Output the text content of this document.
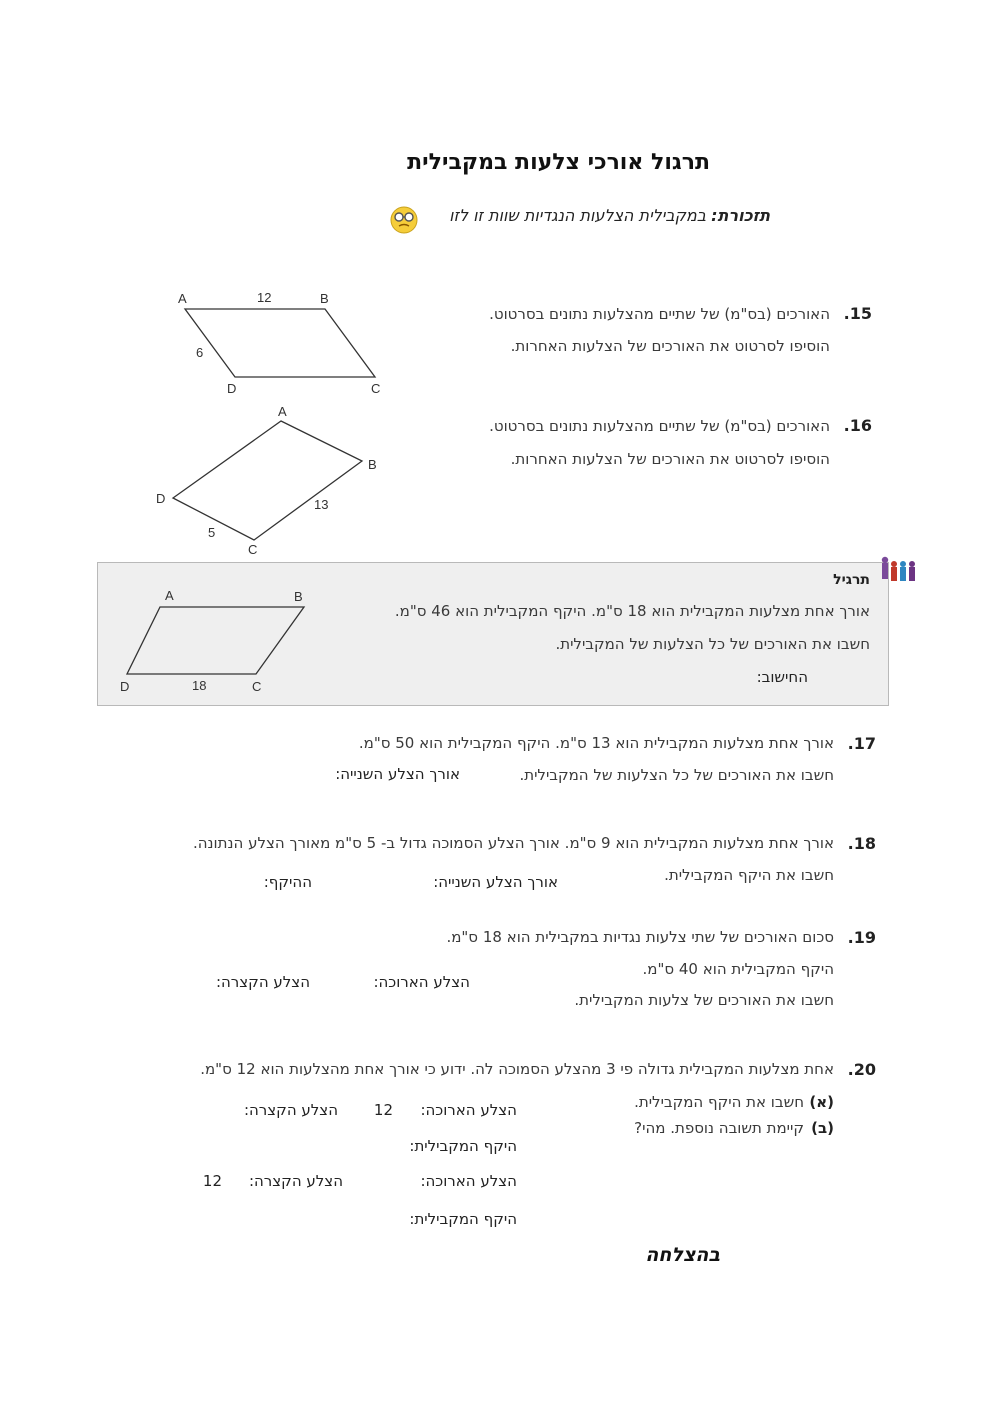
תרגול אורכי צלעות במקבילית
תזכורת: במקבילית הצלעות הנגדיות שוות זו לזו
A	B
C
D
12
6
.15
האורכים (בס"מ) של שתיים מהצלעות נתונים בסרטוט.
הוסיפו לסרטוט את האורכים של הצלעות האחרות.
A
B
C
D	13
5
.16
האורכים (בס"מ) של שתיים מהצלעות נתונים בסרטוט.
הוסיפו לסרטוט את האורכים של הצלעות האחרות.
A	B
C
D	18
תרגיל
אורך אחת מצלעות המקבילית הוא 18 ס"מ. היקף המקבילית הוא 46 ס"מ.
חשבו את האורכים של כל הצלעות של המקבילית.
החישוב:
.17
אורך אחת מצלעות המקבילית הוא 13 ס"מ. היקף המקבילית הוא 50 ס"מ.
חשבו את האורכים של כל הצלעות של המקבילית.
אורך הצלע השנייה:
.18
אורך אחת מצלעות המקבילית הוא 9 ס"מ. אורך הצלע הסמוכה גדול ב- 5 ס"מ מאורך הצלע הנתונה.
חשבו את היקף המקבילית.
אורך הצלע השנייה:
ההיקף:
.19
סכום האורכים של שתי צלעות נגדיות במקבילית הוא 18 ס"מ.
היקף המקבילית הוא 40 ס"מ.
חשבו את האורכים של צלעות המקבילית.
הצלע הארוכה:
הצלע הקצרה:
.20
אחת מצלעות המקבילית גדולה פי 3 מהצלע הסמוכה לה. ידוע כי אורך אחת מהצלעות הוא 12 ס"מ.
(א)
חשבו את היקף המקבילית.
(ב)
קיימת תשובה נוספת. מהי?
הצלע הארוכה:
12
הצלע הקצרה:
היקף המקבילית:
הצלע הארוכה:
הצלע הקצרה:
12
היקף המקבילית:
בהצלחה
